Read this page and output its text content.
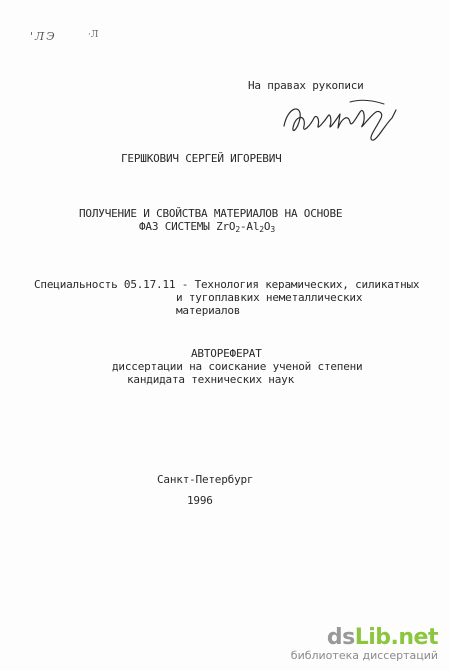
'ЛЭ	·Л
На правах рукописи
ГЕРШКОВИЧ СЕРГЕЙ ИГОРЕВИЧ
ПОЛУЧЕНИЕ И СВОЙСТВА МАТЕРИАЛОВ НА ОСНОВЕ
ФАЗ СИСТЕМЫ $ZrO_2-Al_2O_3$
Специальность 05.17.11 - Технология керамических, силикатных
и тугоплавких неметаллических
материалов
АВТОРЕФЕРАТ
диссертации на соискание ученой степени
кандидата технических наук
Санкт-Петербург
1996
dsLib.net
библиотека диссертаций
